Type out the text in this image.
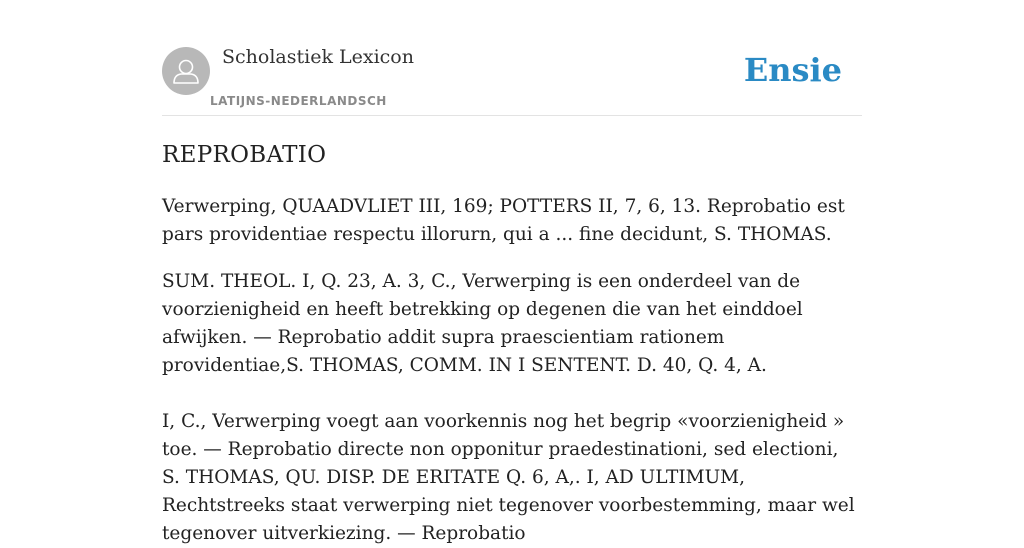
Scholastiek Lexicon
LATIJNS-NEDERLANDSCH
Ensie
REPROBATIO

Verwerping, QUAADVLIET III, 169; POTTERS II, 7, 6, 13. Reprobatio est pars providentiae respectu illorurn, qui a ... fine decidunt, S. THOMAS.

SUM. THEOL. I, Q. 23, A. 3, C., Verwerping is een onderdeel van de voorzienigheid en heeft betrekking op degenen die van het einddoel afwijken. — Reprobatio addit supra praescientiam rationem providentiae,S. THOMAS, COMM. IN I SENTENT. D. 40, Q. 4, A.

I, C., Verwerping voegt aan voorkennis nog het begrip «voorzienigheid » toe. — Reprobatio directe non opponitur praedestinationi, sed electioni, S. THOMAS, QU. DISP. DE ERITATE Q. 6, A,. I, AD ULTIMUM, Rechtstreeks staat verwerping niet tegenover voorbestemming, maar wel tegenover uitverkiezing. — Reprobatio
